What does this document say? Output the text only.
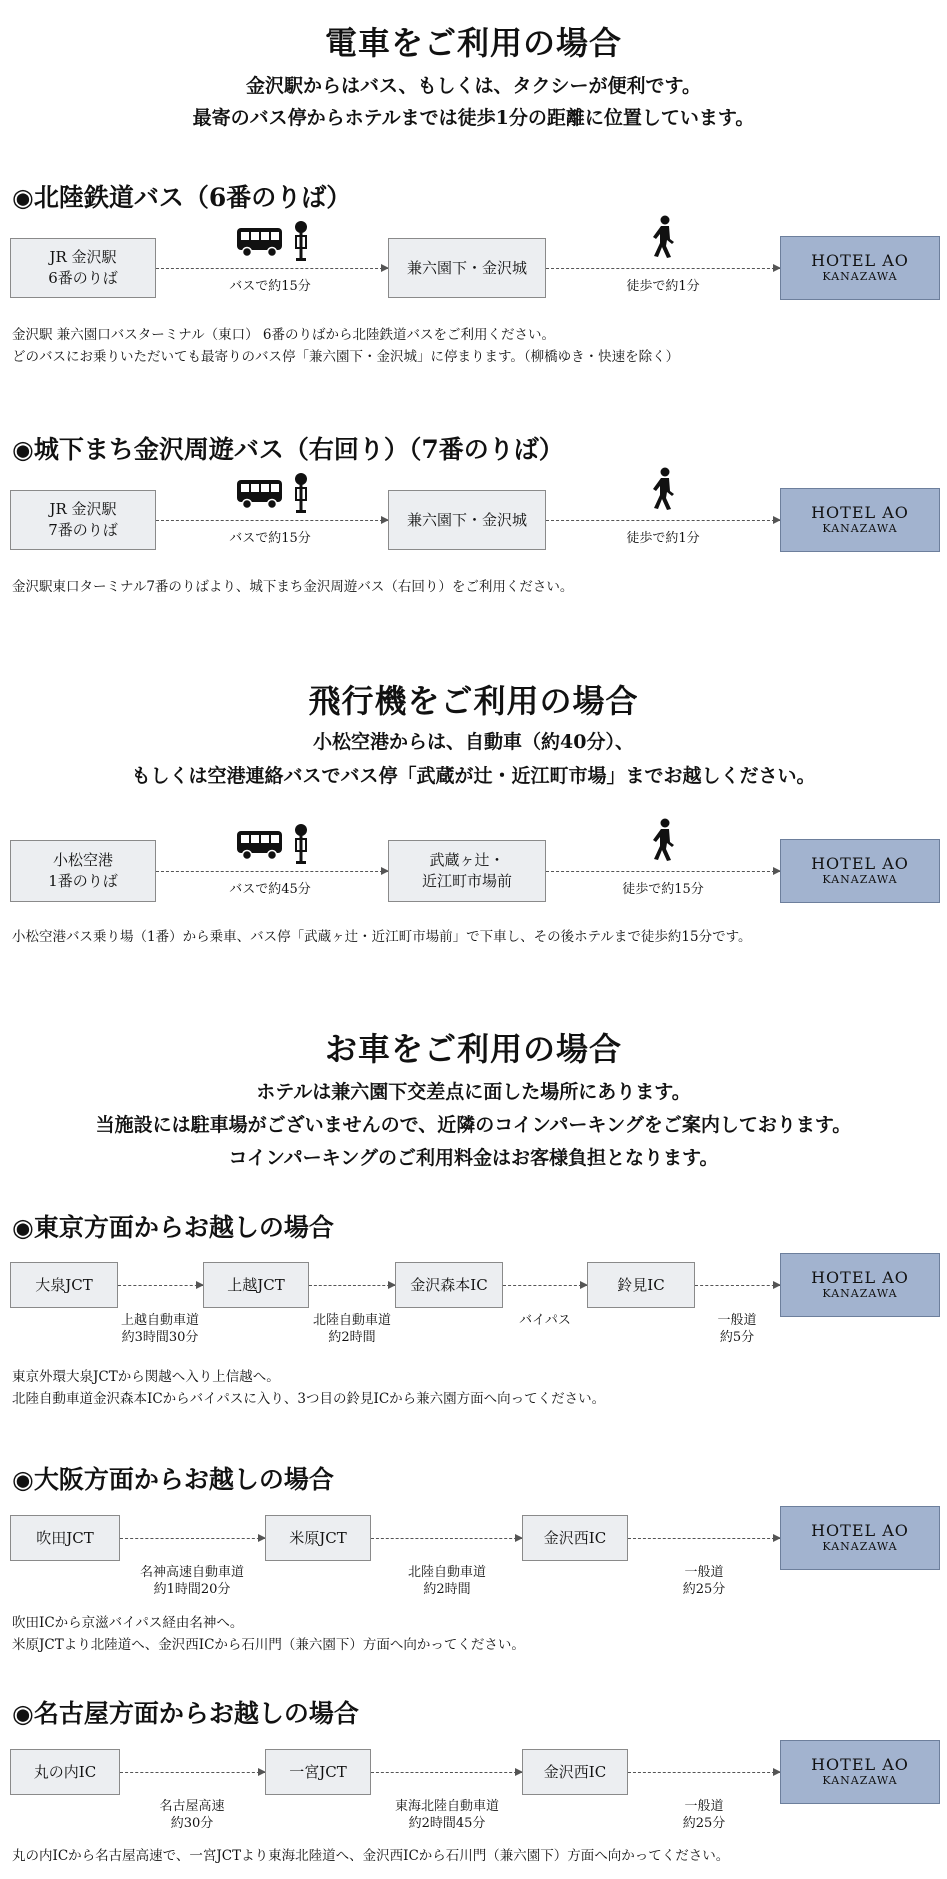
電車をご利用の場合
金沢駅からはバス、もしくは、タクシーが便利です。
最寄のバス停からホテルまでは徒歩1分の距離に位置しています。
◉北陸鉄道バス（6番のりば）
JR 金沢駅
6番のりば	バスで約15分
兼六園下・金沢城
徒歩で約1分
HOTEL AO
KANAZAWA
金沢駅 兼六園口バスターミナル（東口） 6番のりばから北陸鉄道バスをご利用ください。
どのバスにお乗りいただいても最寄りのバス停「兼六園下・金沢城」に停まります。（柳橋ゆき・快速を除く）
◉城下まち金沢周遊バス（右回り）（7番のりば）
JR 金沢駅
7番のりば	バスで約15分
兼六園下・金沢城
徒歩で約1分
HOTEL AO
KANAZAWA
金沢駅東口ターミナル7番のりばより、城下まち金沢周遊バス（右回り）をご利用ください。
飛行機をご利用の場合
小松空港からは、自動車（約40分）、
もしくは空港連絡バスでバス停「武蔵が辻・近江町市場」までお越しください。
小松空港
1番のりば	バスで約45分
武蔵ヶ辻・
近江町市場前	徒歩で約15分
HOTEL AO
KANAZAWA
小松空港バス乗り場（1番）から乗車、バス停「武蔵ヶ辻・近江町市場前」で下車し、その後ホテルまで徒歩約15分です。
お車をご利用の場合
ホテルは兼六園下交差点に面した場所にあります。
当施設には駐車場がございませんので、近隣のコインパーキングをご案内しております。
コインパーキングのご利用料金はお客様負担となります。
◉東京方面からお越しの場合
大泉JCT	上越JCT	金沢森本IC	鈴見IC	HOTEL AO
KANAZAWA
上越自動車道
約3時間30分
北陸自動車道
約2時間
バイパス	一般道
約5分
東京外環大泉JCTから関越へ入り上信越へ。
北陸自動車道金沢森本ICからバイパスに入り、3つ目の鈴見ICから兼六園方面へ向ってください。
◉大阪方面からお越しの場合
吹田JCT	米原JCT	金沢西IC	HOTEL AO
KANAZAWA
名神高速自動車道
約1時間20分
北陸自動車道
約2時間
一般道
約25分
吹田ICから京滋バイパス経由名神へ。
米原JCTより北陸道へ、金沢西ICから石川門（兼六園下）方面へ向かってください。
◉名古屋方面からお越しの場合
丸の内IC	一宮JCT	金沢西IC	HOTEL AO
KANAZAWA
名古屋高速
約30分
東海北陸自動車道
約2時間45分
一般道
約25分
丸の内ICから名古屋高速で、一宮JCTより東海北陸道へ、金沢西ICから石川門（兼六園下）方面へ向かってください。
